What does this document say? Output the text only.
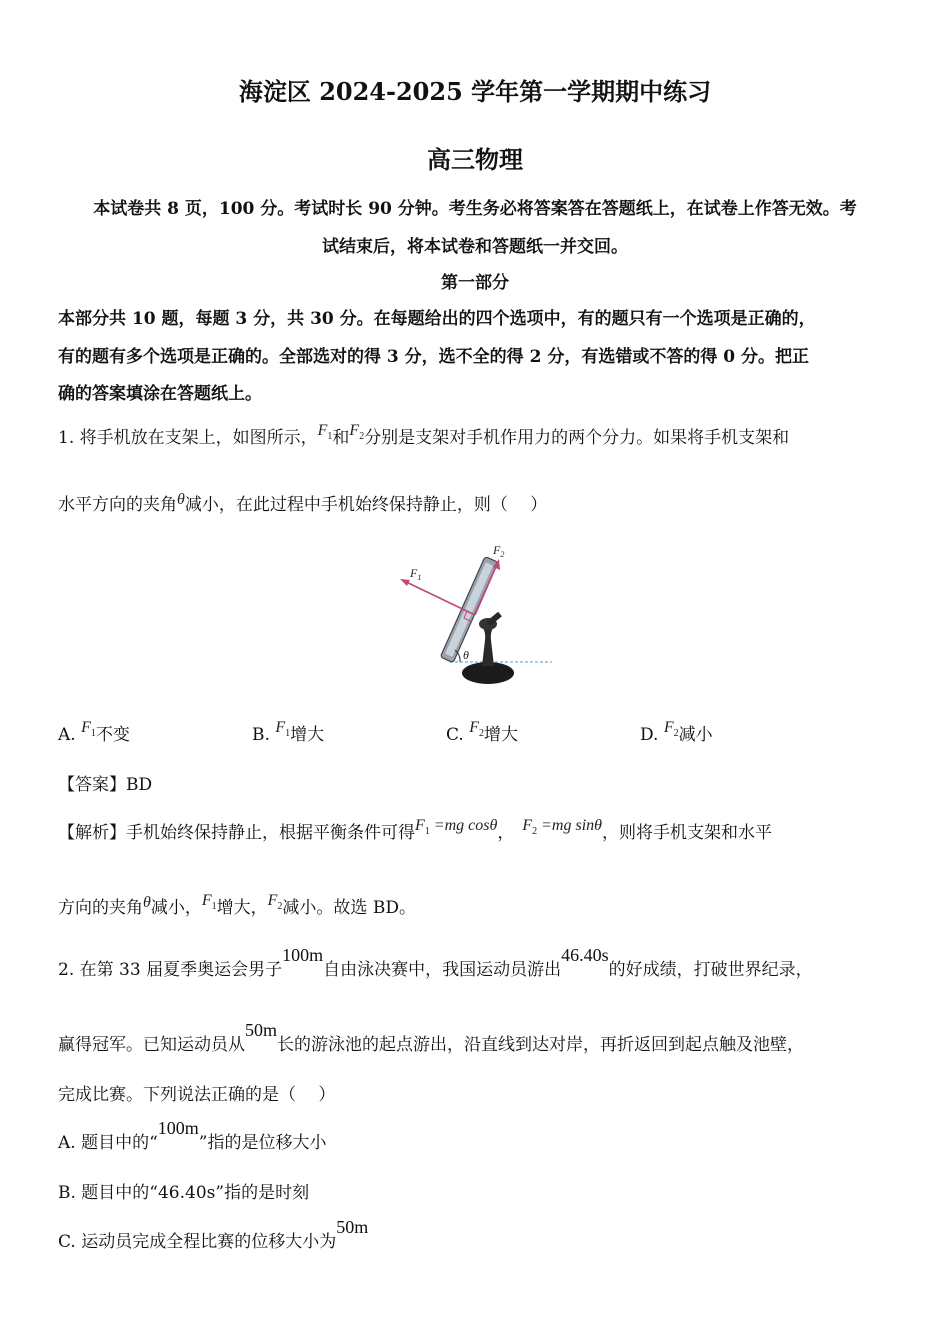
海淀区 2024-2025 学年第一学期期中练习
高三物理
本试卷共 8 页，100 分。考试时长 90 分钟。考生务必将答案答在答题纸上，在试卷上作答无效。考
试结束后，将本试卷和答题纸一并交回。
第一部分
本部分共 10 题，每题 3 分，共 30 分。在每题给出的四个选项中，有的题只有一个选项是正确的，
有的题有多个选项是正确的。全部选对的得 3 分，选不全的得 2 分，有选错或不答的得 0 分。把正
确的答案填涂在答题纸上。
1. 将手机放在支架上，如图所示，$F_1$和$F_2$分别是支架对手机作用力的两个分力。如果将手机支架和
水平方向的夹角θ减小，在此过程中手机始终保持静止，则（　 ）
$F_1$
$F_2$
θ
A. $F_1$不变	B. $F_1$增大	C. $F_2$增大	D. $F_2$减小
【答案】BD
【解析】手机始终保持静止，根据平衡条件可得$F_1 =mg$ cosθ， $F_2 =mg$ sinθ，则将手机支架和水平
方向的夹角θ减小，$F_1$增大，$F_2$减小。故选 BD。
2. 在第 33 届夏季奥运会男子100m自由泳决赛中，我国运动员游出46.40s的好成绩，打破世界纪录，
赢得冠军。已知运动员从50m长的游泳池的起点游出，沿直线到达对岸，再折返回到起点触及池壁，
完成比赛。下列说法正确的是（　 ）
A. 题目中的“100m”指的是位移大小
B. 题目中的“46.40s”指的是时刻
C. 运动员完成全程比赛的位移大小为50m
